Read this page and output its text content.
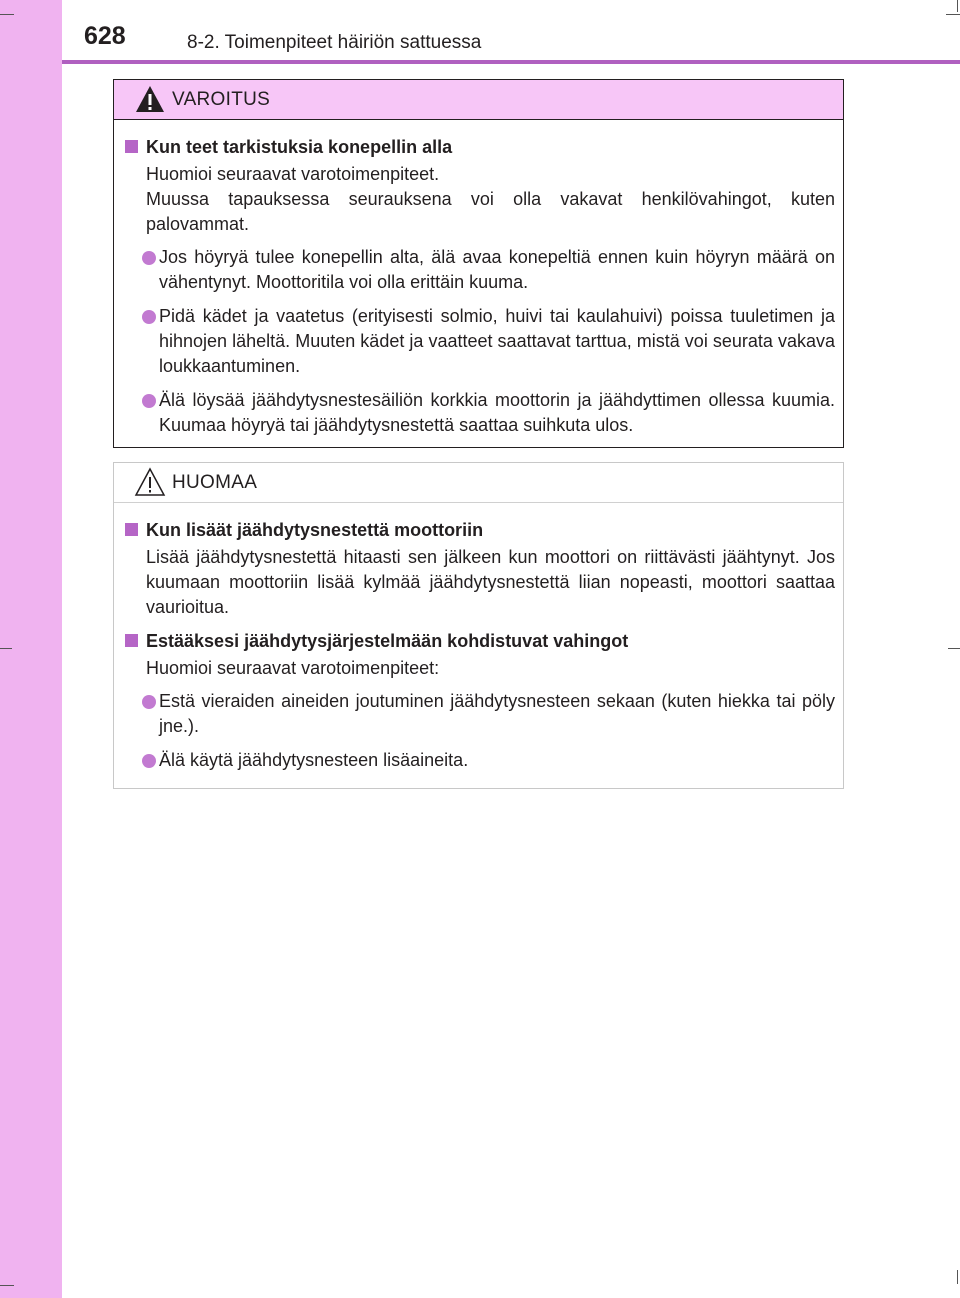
628	8-2. Toimenpiteet häiriön sattuessa
VAROITUS
Kun teet tarkistuksia konepellin alla
Huomioi seuraavat varotoimenpiteet.
Muussa tapauksessa seurauksena voi olla vakavat henkilövahingot, kuten palovammat.
Jos höyryä tulee konepellin alta, älä avaa konepeltiä ennen kuin höyryn määrä on vähentynyt. Moottoritila voi olla erittäin kuuma.
Pidä kädet ja vaatetus (erityisesti solmio, huivi tai kaulahuivi) poissa tuuletimen ja hihnojen läheltä. Muuten kädet ja vaatteet saattavat tarttua, mistä voi seurata vakava loukkaantuminen.
Älä löysää jäähdytysnestesäiliön korkkia moottorin ja jäähdyttimen ollessa kuumia. Kuumaa höyryä tai jäähdytysnestettä saattaa suihkuta ulos.
HUOMAA
Kun lisäät jäähdytysnestettä moottoriin
Lisää jäähdytysnestettä hitaasti sen jälkeen kun moottori on riittävästi jäähtynyt. Jos kuumaan moottoriin lisää kylmää jäähdytysnestettä liian nopeasti, moottori saattaa vaurioitua.
Estääksesi jäähdytysjärjestelmään kohdistuvat vahingot
Huomioi seuraavat varotoimenpiteet:
Estä vieraiden aineiden joutuminen jäähdytysnesteen sekaan (kuten hiekka tai pöly jne.).
Älä käytä jäähdytysnesteen lisäaineita.
